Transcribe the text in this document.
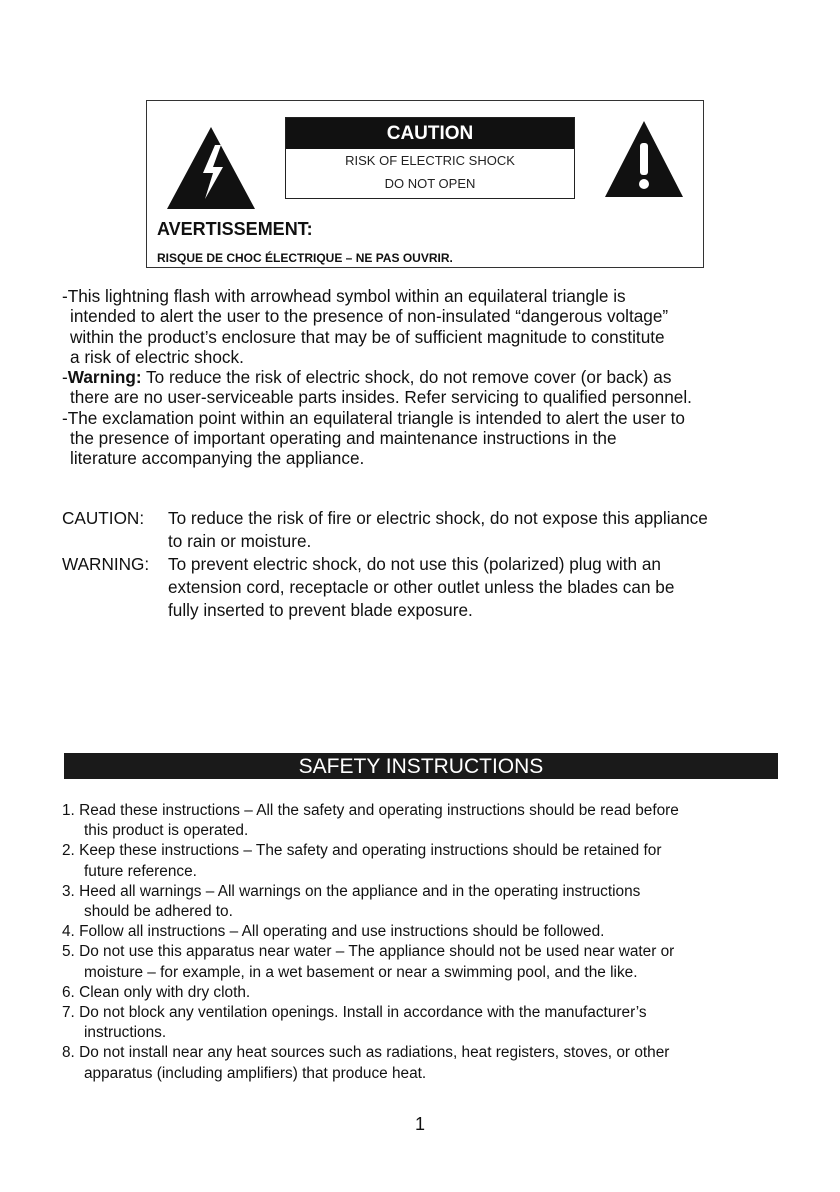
CAUTION
RISK OF ELECTRIC SHOCK
DO NOT OPEN
AVERTISSEMENT:
RISQUE DE CHOC ÉLECTRIQUE – NE PAS OUVRIR.

-This lightning flash with arrowhead symbol within an equilateral triangle is

intended to alert the user to the presence of non-insulated “dangerous voltage”

within the product’s enclosure that may be of sufficient magnitude to constitute

a risk of electric shock.

-Warning: To reduce the risk of electric shock, do not remove cover (or back) as

there are no user-serviceable parts insides. Refer servicing to qualified personnel.

-The exclamation point within an equilateral triangle is intended to alert the user to

the presence of important operating and maintenance instructions in the

literature accompanying the appliance.

CAUTION:	To reduce the risk of fire or electric shock, do not expose this appliance
to rain or moisture.
WARNING:	To prevent electric shock, do not use this (polarized) plug with an
extension cord, receptacle or other outlet unless the blades can be
fully inserted to prevent blade exposure.
SAFETY INSTRUCTIONS
1. Read these instructions – All the safety and operating instructions should be read before
this product is operated.
2. Keep these instructions – The safety and operating instructions should be retained for
future reference.
3. Heed all warnings – All warnings on the appliance and in the operating instructions
should be adhered to.
4. Follow all instructions – All operating and use instructions should be followed.
5. Do not use this apparatus near water – The appliance should not be used near water or
moisture – for example, in a wet basement or near a swimming pool, and the like.
6. Clean only with dry cloth.
7. Do not block any ventilation openings. Install in accordance with the manufacturer’s
instructions.
8. Do not install near any heat sources such as radiations, heat registers, stoves, or other
apparatus (including amplifiers) that produce heat.
1
